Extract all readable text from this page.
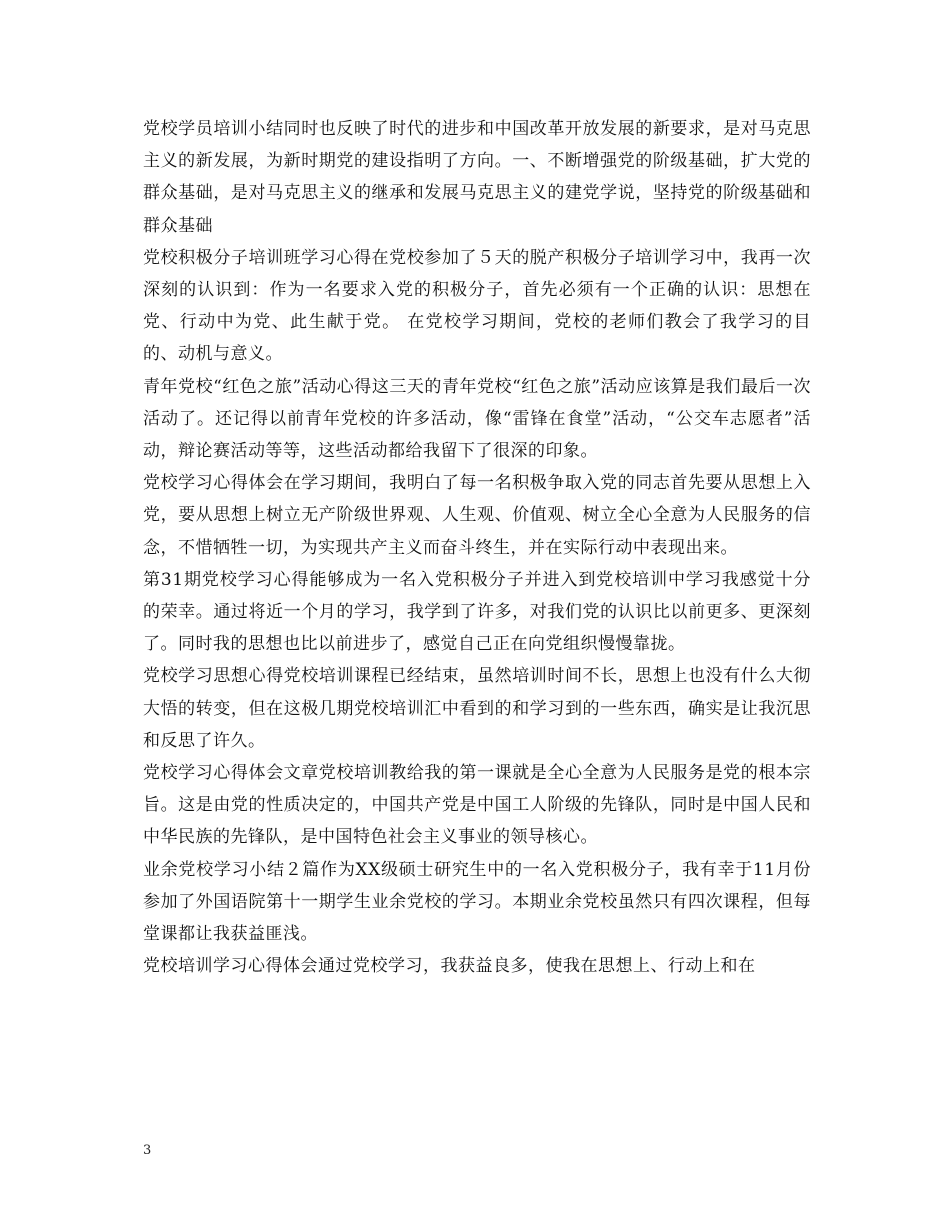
党校学员培训小结同时也反映了时代的进步和中国改革开放发展的新要求，是对马克思主义的新发展，为新时期党的建设指明了方向。一、不断增强党的阶级基础，扩大党的群众基础，是对马克思主义的继承和发展马克思主义的建党学说，坚持党的阶级基础和群众基础

党校积极分子培训班学习心得在党校参加了５天的脱产积极分子培训学习中，我再一次深刻的认识到：作为一名要求入党的积极分子，首先必须有一个正确的认识：思想在党、行动中为党、此生献于党。 在党校学习期间，党校的老师们教会了我学习的目的、动机与意义。

青年党校“红色之旅”活动心得这三天的青年党校“红色之旅”活动应该算是我们最后一次活动了。还记得以前青年党校的许多活动，像“雷锋在食堂”活动，“公交车志愿者”活动，辩论赛活动等等，这些活动都给我留下了很深的印象。

党校学习心得体会在学习期间，我明白了每一名积极争取入党的同志首先要从思想上入党，要从思想上树立无产阶级世界观、人生观、价值观、树立全心全意为人民服务的信念，不惜牺牲一切，为实现共产主义而奋斗终生，并在实际行动中表现出来。

第31期党校学习心得能够成为一名入党积极分子并进入到党校培训中学习我感觉十分的荣幸。通过将近一个月的学习，我学到了许多，对我们党的认识比以前更多、更深刻了。同时我的思想也比以前进步了，感觉自己正在向党组织慢慢靠拢。

党校学习思想心得党校培训课程已经结束，虽然培训时间不长，思想上也没有什么大彻大悟的转变，但在这极几期党校培训汇中看到的和学习到的一些东西，确实是让我沉思和反思了许久。

党校学习心得体会文章党校培训教给我的第一课就是全心全意为人民服务是党的根本宗旨。这是由党的性质决定的，中国共产党是中国工人阶级的先锋队，同时是中国人民和中华民族的先锋队，是中国特色社会主义事业的领导核心。

业余党校学习小结２篇作为XX级硕士研究生中的一名入党积极分子，我有幸于11月份参加了外国语院第十一期学生业余党校的学习。本期业余党校虽然只有四次课程，但每堂课都让我获益匪浅。

党校培训学习心得体会通过党校学习，我获益良多，使我在思想上、行动上和在

3
